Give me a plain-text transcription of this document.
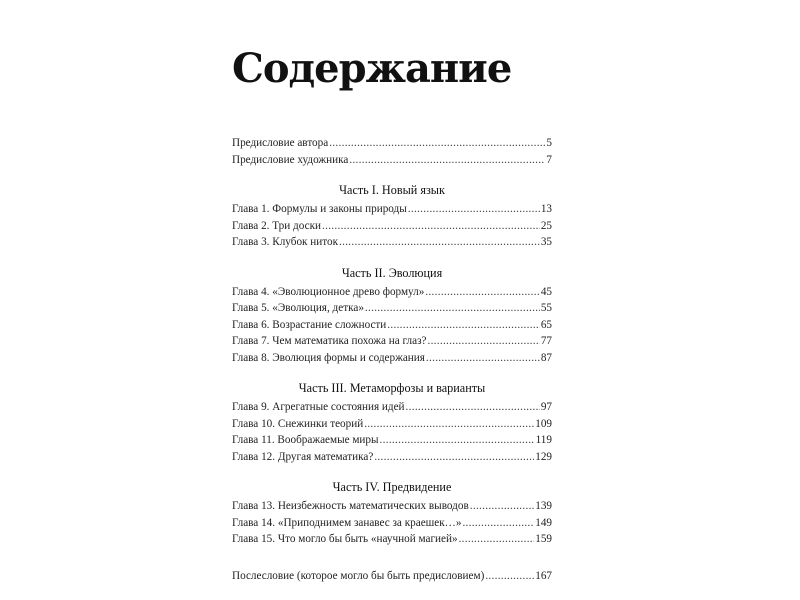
Содержание
Предисловие автора .....	5
Предисловие художника .....	7
Часть I. Новый язык
Глава 1. Формулы и законы природы .....	13
Глава 2. Три доски .....	25
Глава 3. Клубок ниток .....	35
Часть II. Эволюция
Глава 4. «Эволюционное древо формул» .....	45
Глава 5. «Эволюция, детка» .....	55
Глава 6. Возрастание сложности .....	65
Глава 7. Чем математика похожа на глаз? .....	77
Глава 8. Эволюция формы и содержания .....	87
Часть III. Метаморфозы и варианты
Глава 9. Агрегатные состояния идей .....	97
Глава 10. Снежинки теорий .....	109
Глава 11. Воображаемые миры .....	119
Глава 12. Другая математика? .....	129
Часть IV. Предвидение
Глава 13. Неизбежность математических выводов .....	139
Глава 14. «Приподнимем занавес за краешек…» .....	149
Глава 15. Что могло бы быть «научной магией» .....	159
Послесловие (которое могло бы быть предисловием) .....	167
